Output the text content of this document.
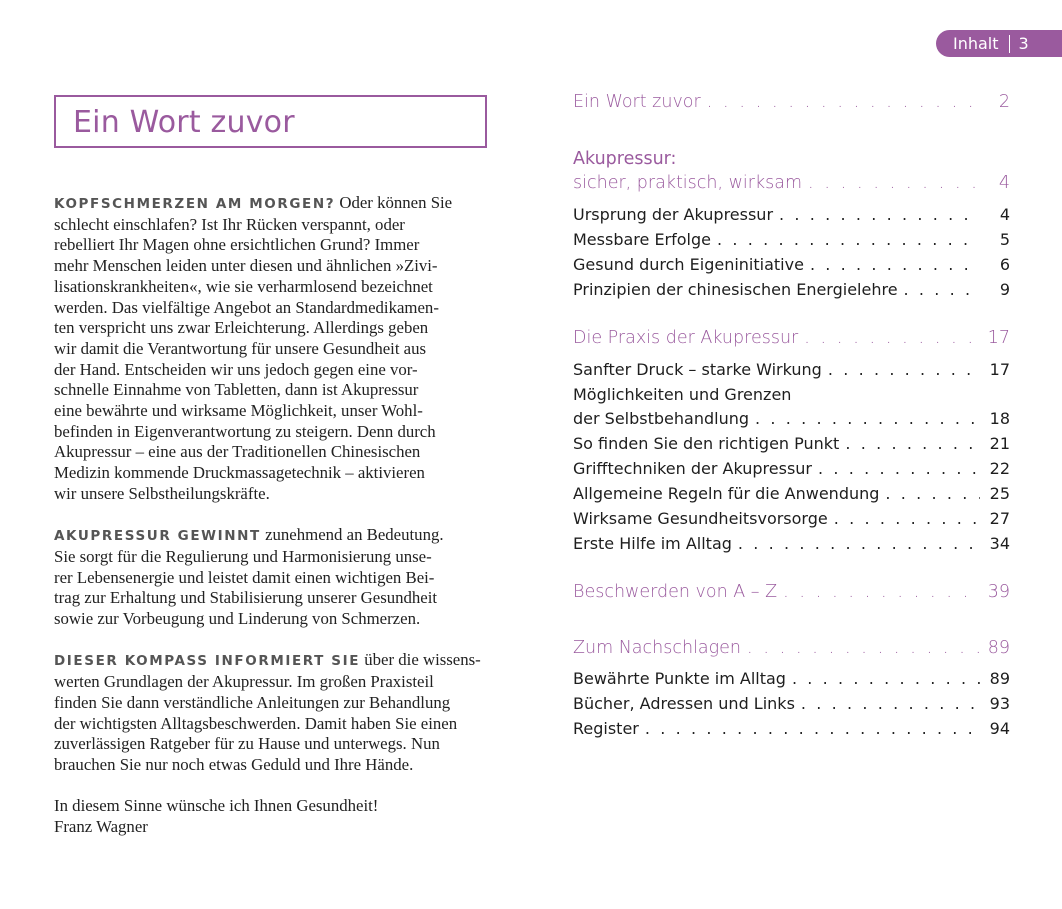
Inhalt 3
Ein Wort zuvor

KOPFSCHMERZEN AM MORGEN? Oder können Sie
schlecht einschlafen? Ist Ihr Rücken verspannt, oder
rebelliert Ihr Magen ohne ersichtlichen Grund? Immer
mehr Menschen leiden unter diesen und ähnlichen »Zivi-
lisationskrankheiten«, wie sie verharmlosend bezeichnet
werden. Das vielfältige Angebot an Standardmedikamen-
ten verspricht uns zwar Erleichterung. Allerdings geben
wir damit die Verantwortung für unsere Gesundheit aus
der Hand. Entscheiden wir uns jedoch gegen eine vor-
schnelle Einnahme von Tabletten, dann ist Akupressur
eine bewährte und wirksame Möglichkeit, unser Wohl-
befinden in Eigenverantwortung zu steigern. Denn durch
Akupressur – eine aus der Traditionellen Chinesischen
Medizin kommende Druckmassagetechnik – aktivieren
wir unsere Selbstheilungskräfte.

AKUPRESSUR GEWINNT zunehmend an Bedeutung.
Sie sorgt für die Regulierung und Harmonisierung unse-
rer Lebensenergie und leistet damit einen wichtigen Bei-
trag zur Erhaltung und Stabilisierung unserer Gesundheit
sowie zur Vorbeugung und Linderung von Schmerzen.

DIESER KOMPASS INFORMIERT SIE über die wissens-
werten Grundlagen der Akupressur. Im großen Praxisteil
finden Sie dann verständliche Anleitungen zur Behandlung
der wichtigsten Alltagsbeschwerden. Damit haben Sie einen
zuverlässigen Ratgeber für zu Hause und unterwegs. Nun
brauchen Sie nur noch etwas Geduld und Ihre Hände.

In diesem Sinne wünsche ich Ihnen Gesundheit!
Franz Wagner

Ein Wort zuvor . . .	2
Akupressur:
sicher, praktisch, wirksam . . .	4
Ursprung der Akupressur . . .	4
Messbare Erfolge . . .	5
Gesund durch Eigeninitiative . . .	6
Prinzipien der chinesischen Energielehre . . .	9
Die Praxis der Akupressur . . .	17
Sanfter Druck – starke Wirkung . . .	17
Möglichkeiten und Grenzen
der Selbstbehandlung . . .	18
So finden Sie den richtigen Punkt . . .	21
Grifftechniken der Akupressur . . .	22
Allgemeine Regeln für die Anwendung . . .	25
Wirksame Gesundheitsvorsorge . . .	27
Erste Hilfe im Alltag . . .	34
Beschwerden von A – Z . . .	39
Zum Nachschlagen . . .	89
Bewährte Punkte im Alltag . . .	89
Bücher, Adressen und Links . . .	93
Register . . .	94
